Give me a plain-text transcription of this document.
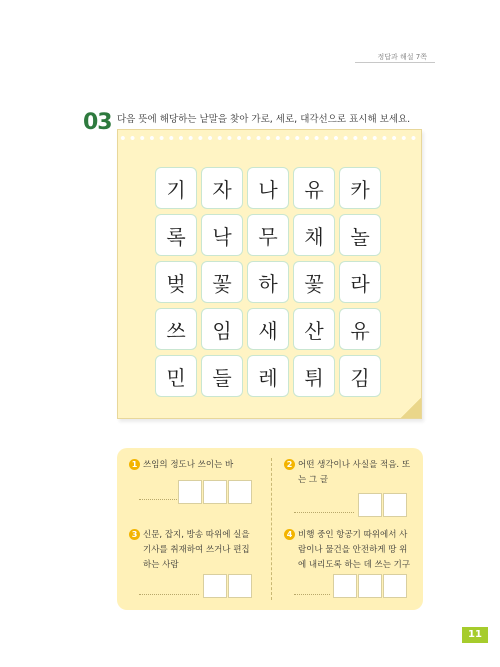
정답과 해설 7쪽
03 다음 뜻에 해당하는 낱말을 찾아 가로, 세로, 대각선으로 표시해 보세요.
기	자	나	유	카
록	낙	무	채	놀
벚	꽃	하	꽃	라
쓰	임	새	산	유
민	들	레	튀	김
1 쓰임의 정도나 쓰이는 바	2 어떤 생각이나 사실을 적음. 또
는 그 글
3 신문, 잡지, 방송 따위에 실을
기사를 취재하여 쓰거나 편집
하는 사람
4 비행 중인 항공기 따위에서 사
람이나 물건을 안전하게 땅 위
에 내리도록 하는 데 쓰는 기구
11
